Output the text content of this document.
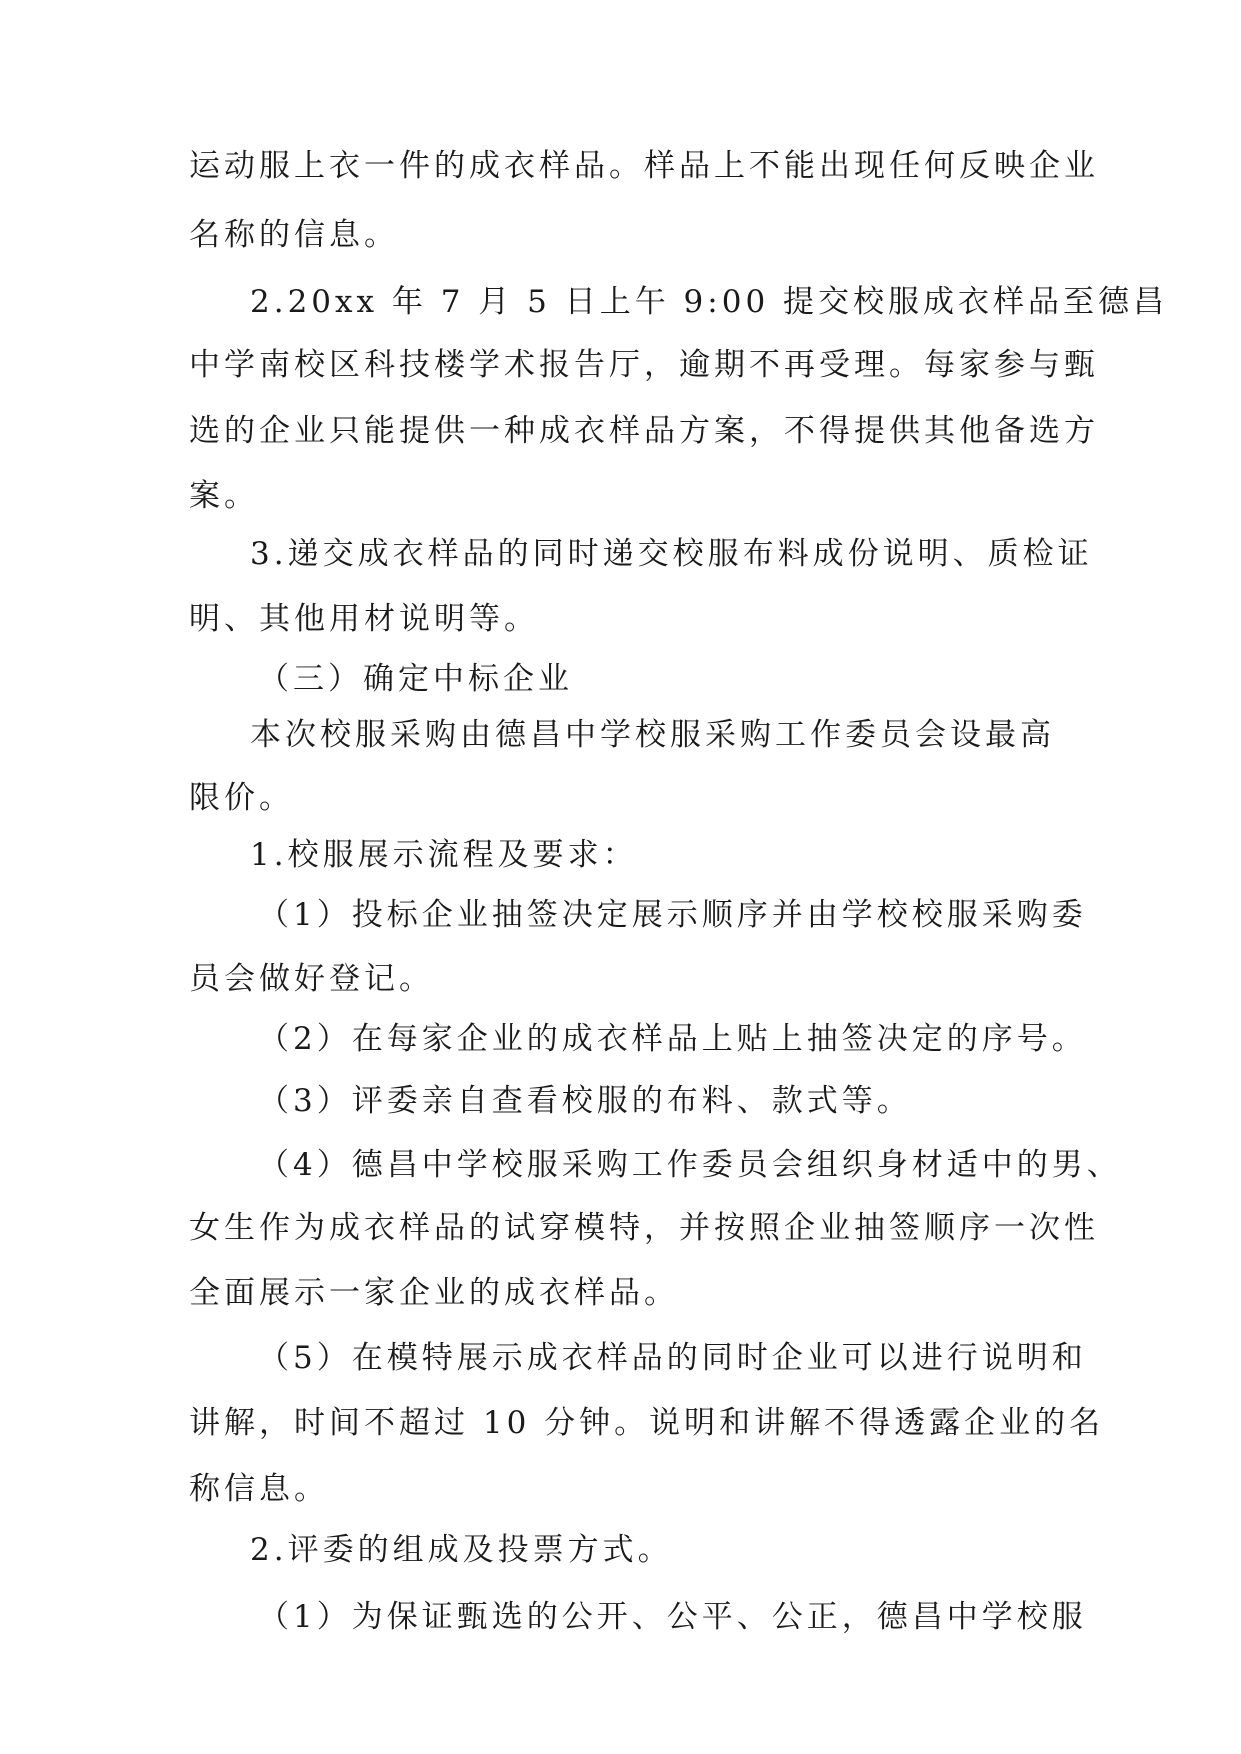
运动服上衣一件的成衣样品。样品上不能出现任何反映企业
名称的信息。
2.20xx 年 7 月 5 日上午 9:00 提交校服成衣样品至德昌
中学南校区科技楼学术报告厅，逾期不再受理。每家参与甄
选的企业只能提供一种成衣样品方案，不得提供其他备选方
案。
3.递交成衣样品的同时递交校服布料成份说明、质检证
明、其他用材说明等。
（三）确定中标企业
本次校服采购由德昌中学校服采购工作委员会设最高
限价。
1.校服展示流程及要求：
（1）投标企业抽签决定展示顺序并由学校校服采购委
员会做好登记。
（2）在每家企业的成衣样品上贴上抽签决定的序号。
（3）评委亲自查看校服的布料、款式等。
（4）德昌中学校服采购工作委员会组织身材适中的男、
女生作为成衣样品的试穿模特，并按照企业抽签顺序一次性
全面展示一家企业的成衣样品。
（5）在模特展示成衣样品的同时企业可以进行说明和
讲解，时间不超过 10 分钟。说明和讲解不得透露企业的名
称信息。
2.评委的组成及投票方式。
（1）为保证甄选的公开、公平、公正，德昌中学校服
